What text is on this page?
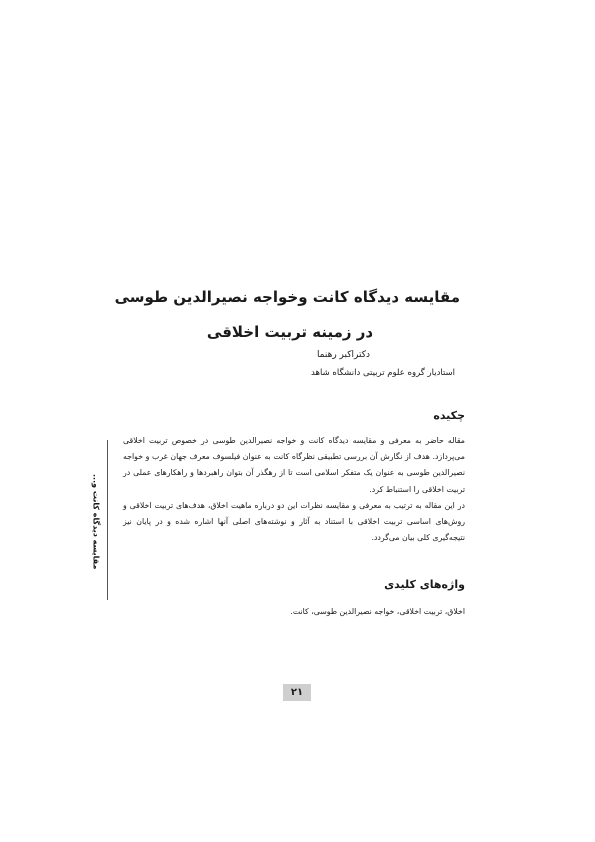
مقایسه دیدگاه کانت وخواجه نصیرالدین طوسی
در زمینه تربیت اخلاقی

دکتراکبر رهنما

استادیار گروه علوم تربیتی دانشگاه شاهد

چکیده

مقاله حاضر به معرفی و مقایسه دیدگاه کانت و خواجه نصیرالدین طوسی در خصوص تربیت اخلاقی می‌پردازد. هدف از نگارش آن بررسی تطبیقی نظرگاه کانت به عنوان فیلسوف معرف جهان غرب و خواجه نصیرالدین طوسی به عنوان یک متفکر اسلامی است تا از رهگذر آن بتوان راهبردها و راهکارهای عملی در تربیت اخلاقی را استنباط کرد.

در این مقاله به ترتیب به معرفی و مقایسه نظرات این دو درباره ماهیت اخلاق، هدف‌های تربیت اخلاقی و روش‌های اساسی تربیت اخلاقی با استناد به آثار و نوشته‌های اصلی آنها اشاره شده و در پایان نیز نتیجه‌گیری کلی بیان می‌گردد.

واژه‌های کلیدی

اخلاق، تربیت اخلاقی، خواجه نصیرالدین طوسی، کانت.

مقایسه دیدگاه کانت و...
۲۱
